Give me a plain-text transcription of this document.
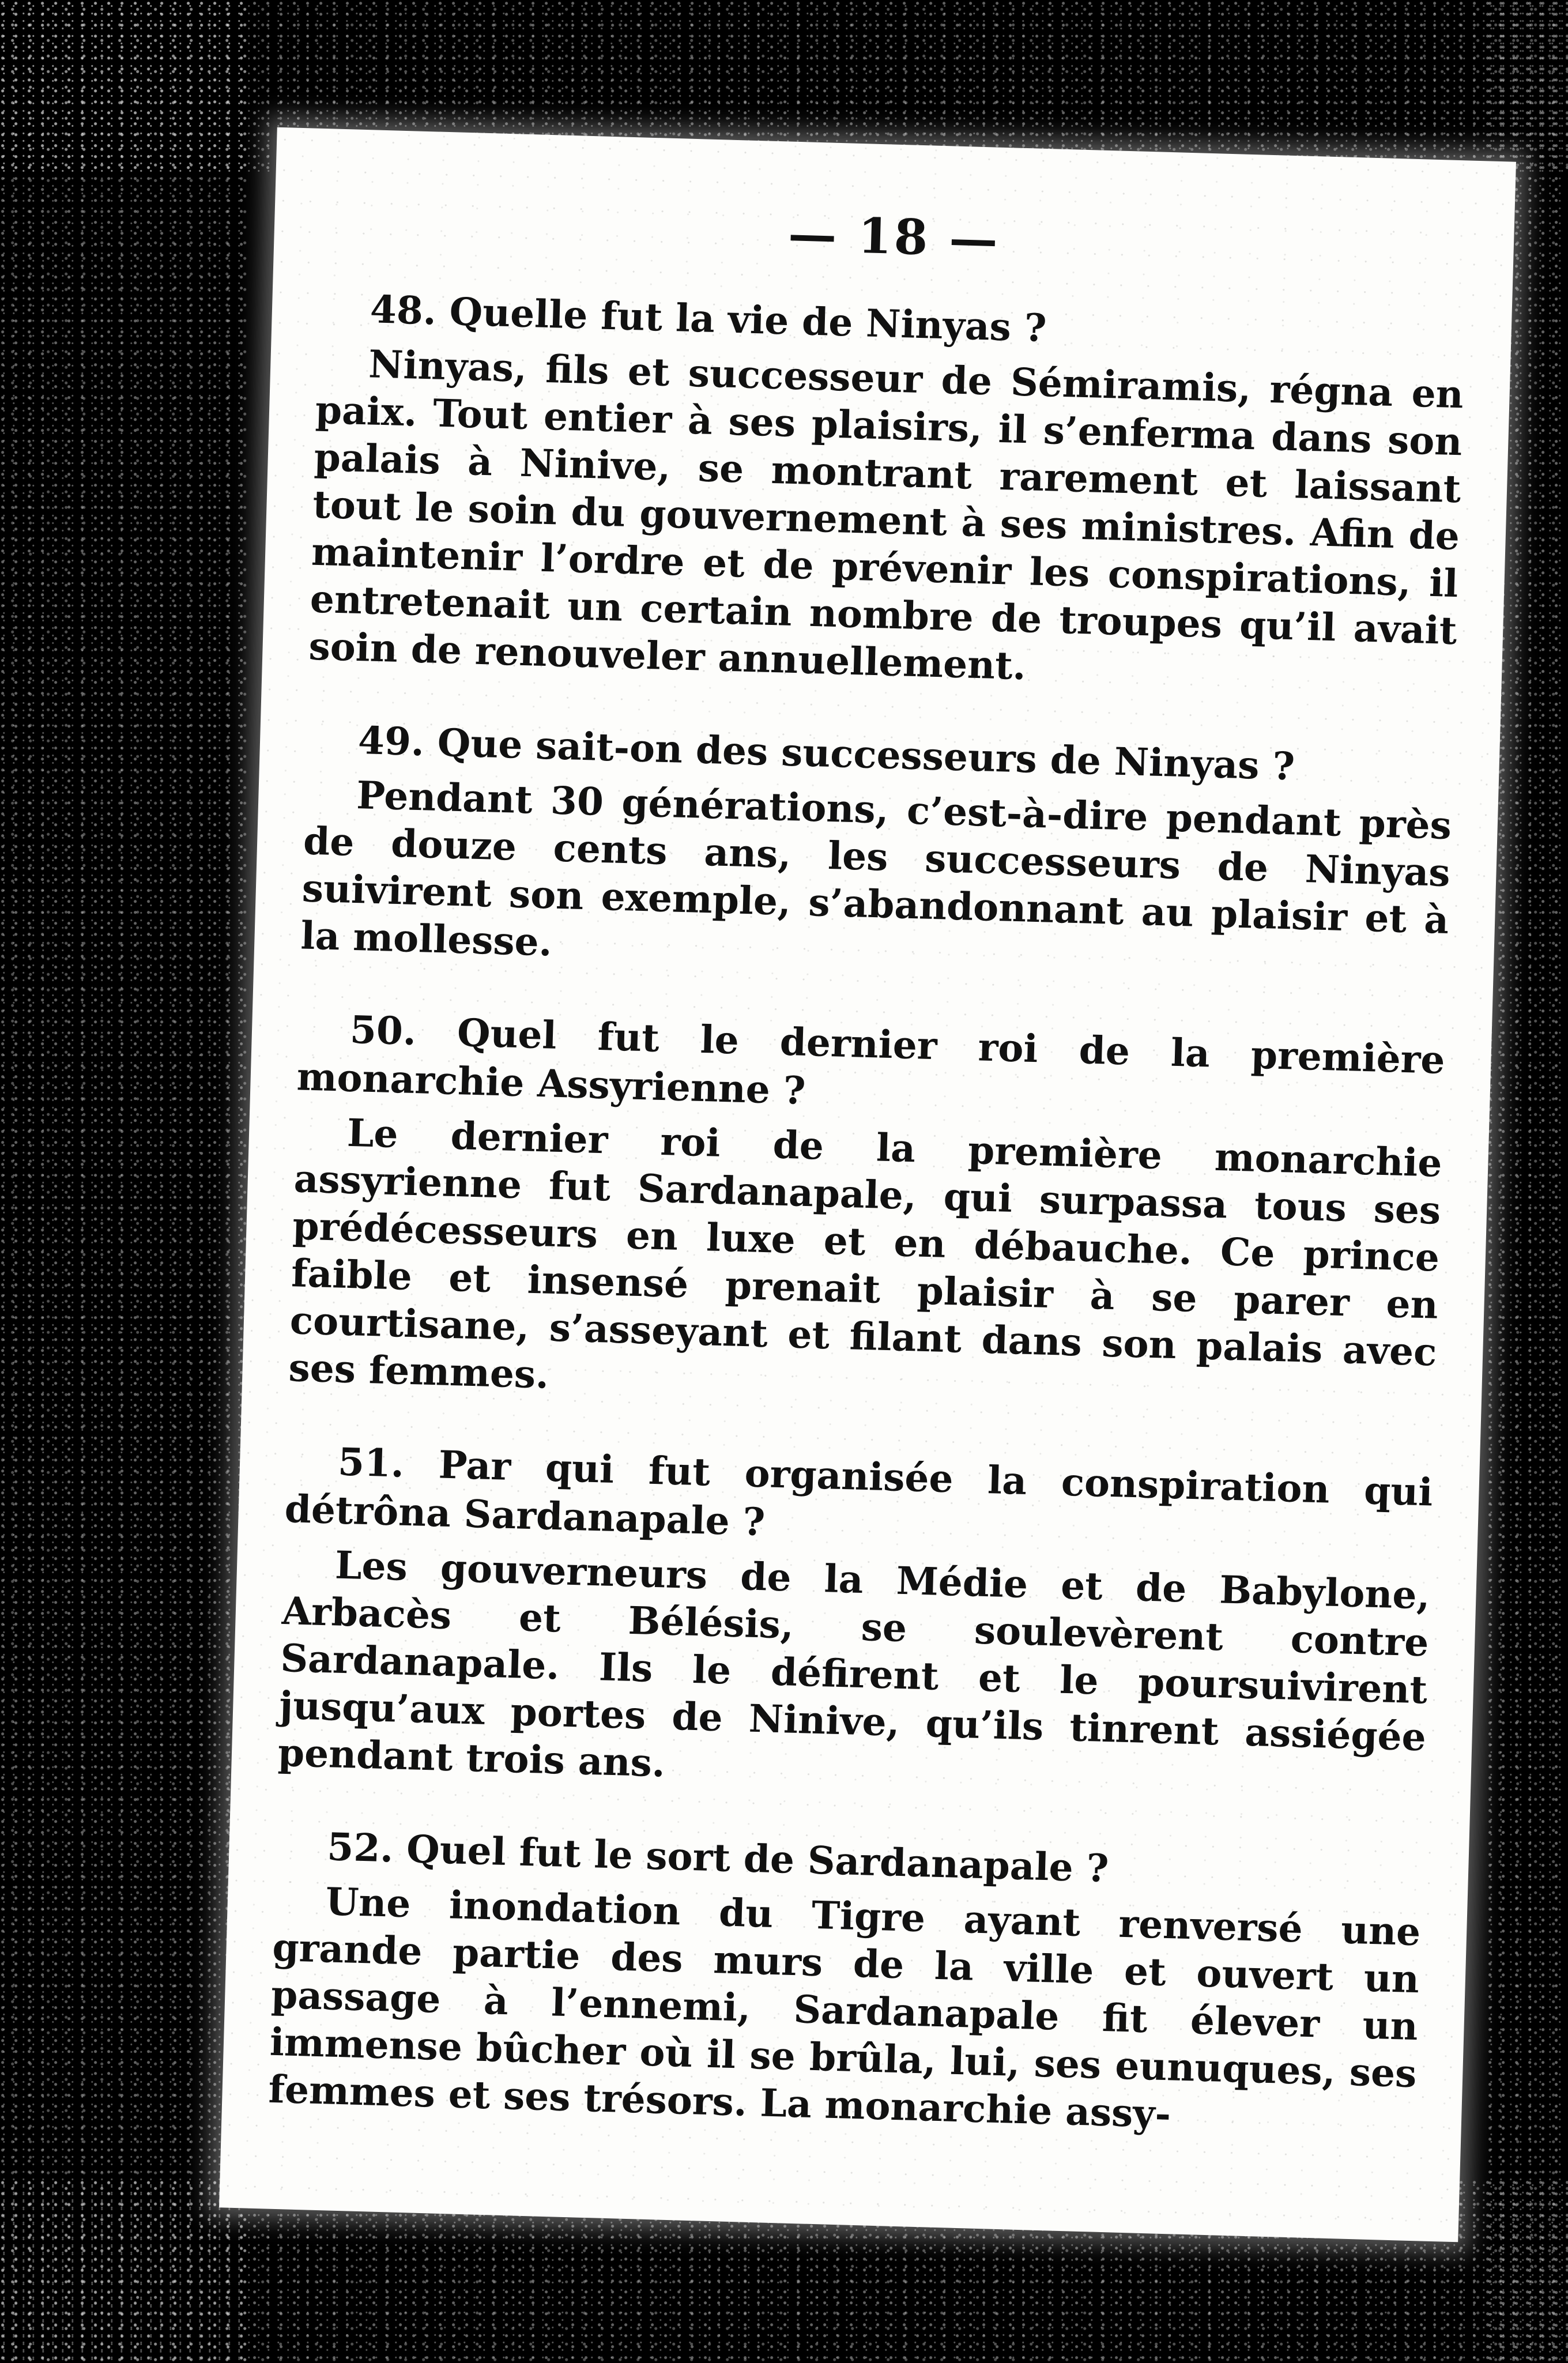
— 18 —

48. Quelle fut la vie de Ninyas ?

Ninyas, fils et successeur de Sémiramis, régna en paix. Tout entier à ses plaisirs, il s’enferma dans son palais à Ninive, se montrant rarement et laissant tout le soin du gouvernement à ses ministres. Afin de maintenir l’ordre et de prévenir les conspirations, il entretenait un certain nombre de troupes qu’il avait soin de renouveler annuellement.

49. Que sait-on des successeurs de Ninyas ?

Pendant 30 générations, c’est-à-dire pendant près de douze cents ans, les successeurs de Ninyas suivirent son exemple, s’abandonnant au plaisir et à la mollesse.

50. Quel fut le dernier roi de la première monarchie Assyrienne ?

Le dernier roi de la première monarchie assyrienne fut Sardanapale, qui surpassa tous ses prédécesseurs en luxe et en débauche. Ce prince faible et insensé prenait plaisir à se parer en courtisane, s’asseyant et filant dans son palais avec ses femmes.

51. Par qui fut organisée la conspiration qui détrôna Sardanapale ?

Les gouverneurs de la Médie et de Babylone, Arbacès et Bélésis, se soulevèrent contre Sardanapale. Ils le défirent et le poursuivirent jusqu’aux portes de Ninive, qu’ils tinrent assiégée pendant trois ans.

52. Quel fut le sort de Sardanapale ?

Une inondation du Tigre ayant renversé une grande partie des murs de la ville et ouvert un passage à l’ennemi, Sardanapale fit élever un immense bûcher où il se brûla, lui, ses eunuques, ses femmes et ses trésors. La monarchie assy-
